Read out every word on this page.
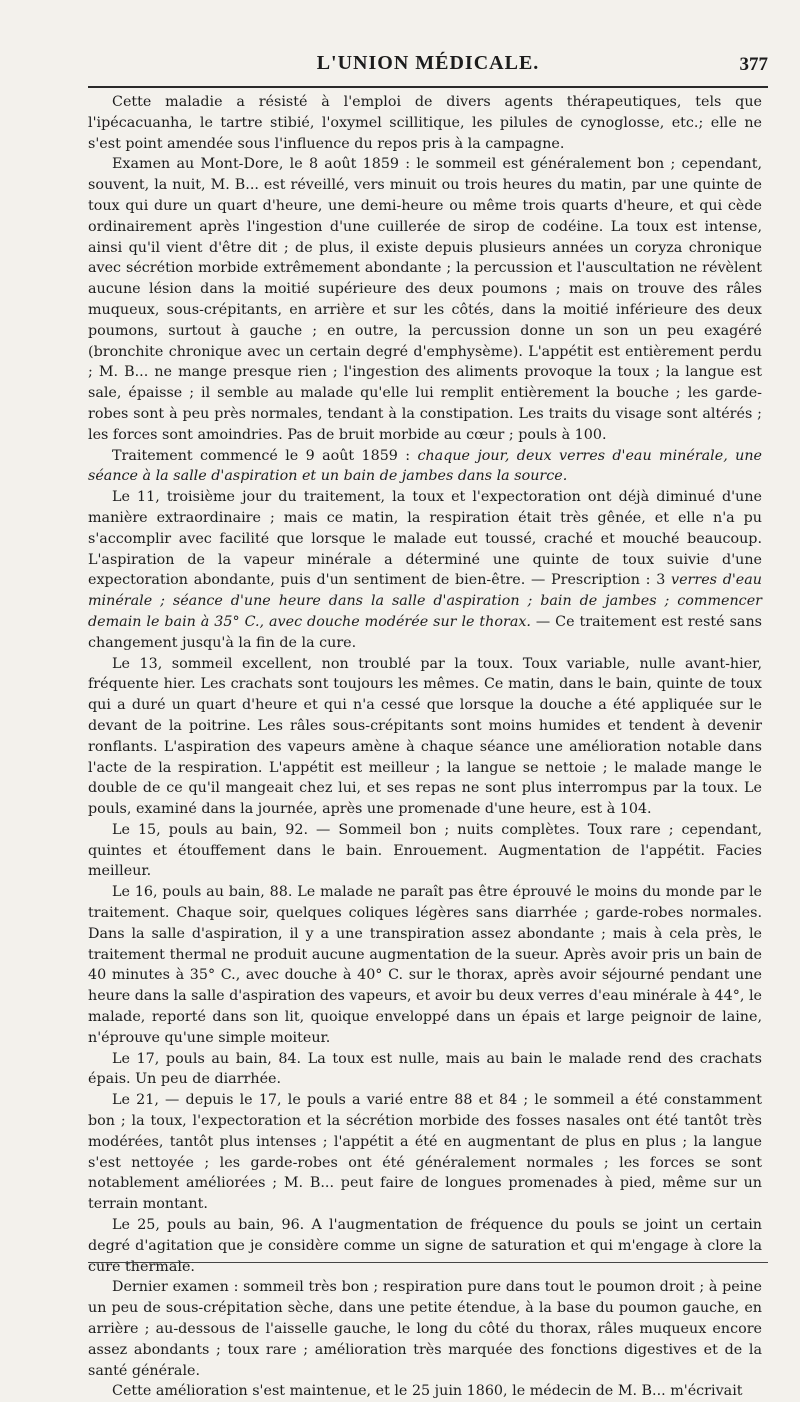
L'UNION MÉDICALE.	377

Cette maladie a résisté à l'emploi de divers agents thérapeutiques, tels que l'ipécacuanha, le tartre stibié, l'oxymel scillitique, les pilules de cynoglosse, etc.; elle ne s'est point amendée sous l'influence du repos pris à la campagne.

Examen au Mont-Dore, le 8 août 1859 : le sommeil est généralement bon ; cependant, souvent, la nuit, M. B... est réveillé, vers minuit ou trois heures du matin, par une quinte de toux qui dure un quart d'heure, une demi-heure ou même trois quarts d'heure, et qui cède ordinairement après l'ingestion d'une cuillerée de sirop de codéine. La toux est intense, ainsi qu'il vient d'être dit ; de plus, il existe depuis plusieurs années un coryza chronique avec sécrétion morbide extrêmement abondante ; la percussion et l'auscultation ne révèlent aucune lésion dans la moitié supérieure des deux poumons ; mais on trouve des râles muqueux, sous-crépitants, en arrière et sur les côtés, dans la moitié inférieure des deux poumons, surtout à gauche ; en outre, la percussion donne un son un peu exagéré (bronchite chronique avec un certain degré d'emphysème). L'appétit est entièrement perdu ; M. B... ne mange presque rien ; l'ingestion des aliments provoque la toux ; la langue est sale, épaisse ; il semble au malade qu'elle lui remplit entièrement la bouche ; les garde-robes sont à peu près normales, tendant à la constipation. Les traits du visage sont altérés ; les forces sont amoindries. Pas de bruit morbide au cœur ; pouls à 100.

Traitement commencé le 9 août 1859 : chaque jour, deux verres d'eau minérale, une séance à la salle d'aspiration et un bain de jambes dans la source.

Le 11, troisième jour du traitement, la toux et l'expectoration ont déjà diminué d'une manière extraordinaire ; mais ce matin, la respiration était très gênée, et elle n'a pu s'accomplir avec facilité que lorsque le malade eut toussé, craché et mouché beaucoup. L'aspiration de la vapeur minérale a déterminé une quinte de toux suivie d'une expectoration abondante, puis d'un sentiment de bien-être. — Prescription : 3 verres d'eau minérale ; séance d'une heure dans la salle d'aspiration ; bain de jambes ; commencer demain le bain à 35° C., avec douche modérée sur le thorax. — Ce traitement est resté sans changement jusqu'à la fin de la cure.

Le 13, sommeil excellent, non troublé par la toux. Toux variable, nulle avant-hier, fréquente hier. Les crachats sont toujours les mêmes. Ce matin, dans le bain, quinte de toux qui a duré un quart d'heure et qui n'a cessé que lorsque la douche a été appliquée sur le devant de la poitrine. Les râles sous-crépitants sont moins humides et tendent à devenir ronflants. L'aspiration des vapeurs amène à chaque séance une amélioration notable dans l'acte de la respiration. L'appétit est meilleur ; la langue se nettoie ; le malade mange le double de ce qu'il mangeait chez lui, et ses repas ne sont plus interrompus par la toux. Le pouls, examiné dans la journée, après une promenade d'une heure, est à 104.

Le 15, pouls au bain, 92. — Sommeil bon ; nuits complètes. Toux rare ; cependant, quintes et étouffement dans le bain. Enrouement. Augmentation de l'appétit. Facies meilleur.

Le 16, pouls au bain, 88. Le malade ne paraît pas être éprouvé le moins du monde par le traitement. Chaque soir, quelques coliques légères sans diarrhée ; garde-robes normales. Dans la salle d'aspiration, il y a une transpiration assez abondante ; mais à cela près, le traitement thermal ne produit aucune augmentation de la sueur. Après avoir pris un bain de 40 minutes à 35° C., avec douche à 40° C. sur le thorax, après avoir séjourné pendant une heure dans la salle d'aspiration des vapeurs, et avoir bu deux verres d'eau minérale à 44°, le malade, reporté dans son lit, quoique enveloppé dans un épais et large peignoir de laine, n'éprouve qu'une simple moiteur.

Le 17, pouls au bain, 84. La toux est nulle, mais au bain le malade rend des crachats épais. Un peu de diarrhée.

Le 21, — depuis le 17, le pouls a varié entre 88 et 84 ; le sommeil a été constamment bon ; la toux, l'expectoration et la sécrétion morbide des fosses nasales ont été tantôt très modérées, tantôt plus intenses ; l'appétit a été en augmentant de plus en plus ; la langue s'est nettoyée ; les garde-robes ont été généralement normales ; les forces se sont notablement améliorées ; M. B... peut faire de longues promenades à pied, même sur un terrain montant.

Le 25, pouls au bain, 96. A l'augmentation de fréquence du pouls se joint un certain degré d'agitation que je considère comme un signe de saturation et qui m'engage à clore la cure thermale.

Dernier examen : sommeil très bon ; respiration pure dans tout le poumon droit ; à peine un peu de sous-crépitation sèche, dans une petite étendue, à la base du poumon gauche, en arrière ; au-dessous de l'aisselle gauche, le long du côté du thorax, râles muqueux encore assez abondants ; toux rare ; amélioration très marquée des fonctions digestives et de la santé générale.

Cette amélioration s'est maintenue, et le 25 juin 1860, le médecin de M. B... m'écrivait
